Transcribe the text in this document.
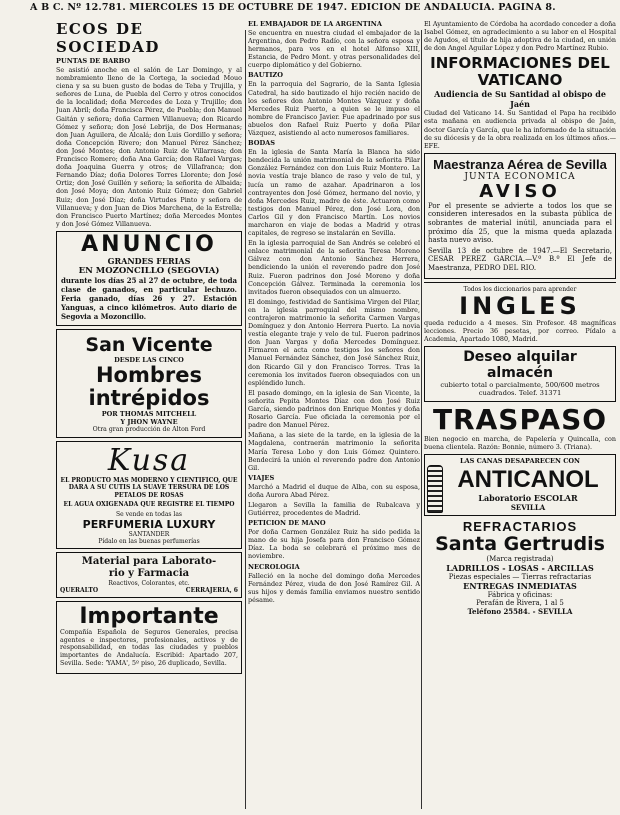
A B C. Nº 12.781. MIERCOLES 15 DE OCTUBRE DE 1947. EDICION DE ANDALUCIA. PAGINA 8.
ECOS DE SOCIEDAD
PUNTAS DE BARBO

Se asistió anoche en el salón de Lar Domingo, y al nombramiento lleno de la Cortega, la sociedad Mouo ciena y sa su buen gusto de bodas de Teba y Trujilla, y señores de Luna, de Puebla del Cerro y otros conocidos de la localidad; doña Mercedes de Loza y Trujillo; don Juan Abril; doña Francisca Pérez, de Puebla; don Manuel Gaitán y señora; doña Carmen Villanueva; don Ricardo Gómez y señora; don José Lebrija, de Dos Hermanas; don Juan Aguilera, de Alcalá; don Luis Gordillo y señora; doña Concepción Rivero; don Manuel Pérez Sánchez; don José Montes; don Antonio Ruiz de Villarrasa; don Francisco Romero; doña Ana García; don Rafael Vargas; doña Joaquina Guerra y otros; de Villafranca; don Fernando Díaz; doña Dolores Torres Llorente; don José Ortiz; don José Guillén y señora; la señorita de Albaida; don José Moya; don Antonio Ruiz Gómez; don Gabriel Ruiz; don José Díaz; doña Virtudes Pinto y señora de Villanueva; y don Juan de Dios Marchena, de la Estrella; don Francisco Puerto Martínez; doña Mercedes Montes y don José Gómez Villanueva.

ANUNCIO
GRANDES FERIAS
EN MOZONCILLO (SEGOVIA)

durante los días 25 al 27 de octubre, de toda clase de ganados, en particular lechuzo. Feria ganado, días 26 y 27. Estación Yanguas, a cinco kilómetros. Auto diario de Segovia a Mozoncillo.

San Vicente
DESDE LAS CINCO
Hombres
intrépidos
POR THOMAS MITCHELL
Y JHON WAYNE
Otra gran producción de Alton Ford
Kusa

EL PRODUCTO MAS MODERNO Y CIENTIFICO, QUE DARA A SU CUTIS LA SUAVE TERSURA DE LOS PETALOS DE ROSAS

EL AGUA OXIGENADA QUE REGISTRE EL TIEMPO

Se vende en todas las
PERFUMERIA LUXURY
SANTANDER
Pídalo en las buenas perfumerías
Material para Laborato-
rio y Farmacia
Reactivos, Colorantes, etc.
QUERALTO	CERRAJERIA, 6
Importante

Compañía Española de Seguros Generales, precisa agentes e inspectores, profesionales, activos y de responsabilidad, en todas las ciudades y pueblos importantes de Andalucía. Escribid: Apartado 207, Sevilla. Sede: 'YAMA', 5º piso, 26 duplicado, Sevilla.

EL EMBAJADOR DE LA ARGENTINA

Se encuentra en nuestra ciudad el embajador de la Argentina, don Pedro Radío, con la señora esposa y hermanos, para vos en el hotel Alfonso XIII, Estancia, de Pedro Mont. y otras personalidades del cuerpo diplomático y del Gobierno.

BAUTIZO

En la parroquia del Sagrario, de la Santa Iglesia Catedral, ha sido bautizado el hijo recién nacido de los señores don Antonio Montes Vázquez y doña Mercedes Ruiz Puerto, a quien se le impuso el nombre de Francisco Javier. Fue apadrinado por sus abuelos don Rafael Ruiz Puerto y doña Pilar Vázquez, asistiendo al acto numerosos familiares.

BODAS

En la iglesia de Santa María la Blanca ha sido bendecida la unión matrimonial de la señorita Pilar González Fernández con don Luis Ruiz Montero. La novia vestía traje blanco de raso y velo de tul, y lucía un ramo de azahar. Apadrinaron a los contrayentes don José Gómez, hermano del novio, y doña Mercedes Ruiz, madre de éste. Actuaron como testigos don Manuel Pérez, don José Lora, don Carlos Gil y don Francisco Martín. Los novios marcharon en viaje de bodas a Madrid y otras capitales, de regreso se instalarán en Sevilla.

En la iglesia parroquial de San Andrés se celebró el enlace matrimonial de la señorita Teresa Moreno Gálvez con don Antonio Sánchez Herrera, bendiciendo la unión el reverendo padre don José Ruiz. Fueron padrinos don José Moreno y doña Concepción Gálvez. Terminada la ceremonia los invitados fueron obsequiados con un almuerzo.

El domingo, festividad de Santísima Virgen del Pilar, en la iglesia parroquial del mismo nombre, contrajeron matrimonio la señorita Carmen Vargas Domínguez y don Antonio Herrera Puerto. La novia vestía elegante traje y velo de tul. Fueron padrinos don Juan Vargas y doña Mercedes Domínguez. Firmaron el acta como testigos los señores don Manuel Fernández Sánchez, don José Sánchez Ruiz, don Ricardo Gil y don Francisco Torres. Tras la ceremonia los invitados fueron obsequiados con un espléndido lunch.

El pasado domingo, en la iglesia de San Vicente, la señorita Pepita Montes Díaz con don José Ruiz García, siendo padrinos don Enrique Montes y doña Rosario García. Fue oficiada la ceremonia por el padre don Manuel Pérez.

Mañana, a las siete de la tarde, en la iglesia de la Magdalena, contraerán matrimonio la señorita María Teresa Lobo y don Luis Gómez Quintero. Bendecirá la unión el reverendo padre don Antonio Gil.

VIAJES

Marchó a Madrid el duque de Alba, con su esposa, doña Aurora Abad Pérez.

Llegaron a Sevilla la familia de Rubalcava y Gutiérrez, procedentes de Madrid.

PETICION DE MANO

Por doña Carmen González Ruiz ha sido pedida la mano de su hija Josefa para don Francisco Gómez Díaz. La boda se celebrará el próximo mes de noviembre.

NECROLOGIA

Falleció en la noche del domingo doña Mercedes Fernández Pérez, viuda de don José Ramírez Gil. A sus hijos y demás familia enviamos nuestro sentido pésame.

El Ayuntamiento de Córdoba ha acordado conceder a doña Isabel Gómez, en agradecimiento a su labor en el Hospital de Agudos, el título de hija adoptiva de la ciudad, en unión de don Angel Aguilar López y don Pedro Martínez Rubio.

INFORMACIONES DEL VATICANO
Audiencia de Su Santidad al obispo de Jaén

Ciudad del Vaticano 14. Su Santidad el Papa ha recibido esta mañana en audiencia privada al obispo de Jaén, doctor García y García, que le ha informado de la situación de su diócesis y de la obra realizada en los últimos años.—EFE.

Maestranza Aérea de Sevilla
JUNTA ECONOMICA
AVISO

Por el presente se advierte a todos los que se consideren interesados en la subasta pública de sobrantes de material inútil, anunciada para el próximo día 25, que la misma queda aplazada hasta nuevo aviso.

Sevilla 13 de octubre de 1947.—El Secretario, CESAR PEREZ GARCIA.—V.º B.º El Jefe de Maestranza, PEDRO DEL RIO.

Todos los diccionarios para aprender
INGLES

queda reducido a 4 meses. Sin Profesor. 48 magníficas lecciones. Precio 36 pesetas, por correo. Pídalo a Academia, Apartado 1080, Madrid.

Deseo alquilar
almacén

cubierto total o parcialmente, 500/600 metros cuadrados. Telef. 31371

TRASPASO

Bien negocio en marcha, de Papelería y Quincalla, con buena clientela. Razón: Bonnie, número 3. (Triana).

LAS CANAS DESAPARECEN CON
ANTICANOL
Laboratorio ESCOLAR
SEVILLA
REFRACTARIOS
Santa Gertrudis
(Marca registrada)
LADRILLOS - LOSAS - ARCILLAS
Piezas especiales — Tierras refractarias
ENTREGAS INMEDIATAS
Fábrica y oficinas:
Perafán de Rivera, 1 al 5
Teléfono 25584. - SEVILLA
